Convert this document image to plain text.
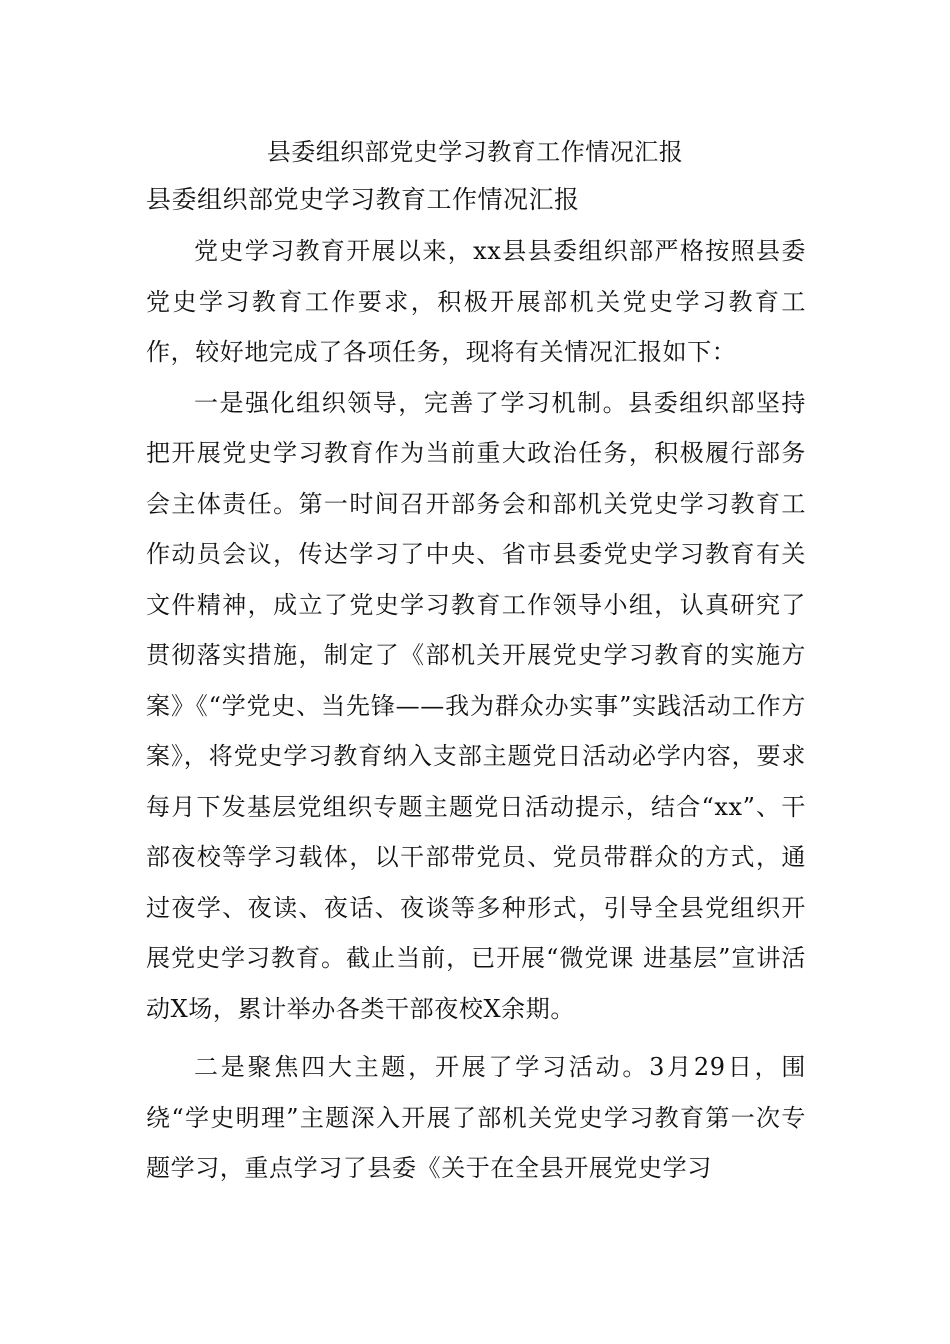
县委组织部党史学习教育工作情况汇报
县委组织部党史学习教育工作情况汇报

党史学习教育开展以来，xx县县委组织部严格按照县委党史学习教育工作要求，积极开展部机关党史学习教育工作，较好地完成了各项任务，现将有关情况汇报如下：

一是强化组织领导，完善了学习机制。县委组织部坚持把开展党史学习教育作为当前重大政治任务，积极履行部务会主体责任。第一时间召开部务会和部机关党史学习教育工作动员会议，传达学习了中央、省市县委党史学习教育有关文件精神，成立了党史学习教育工作领导小组，认真研究了贯彻落实措施，制定了《部机关开展党史学习教育的实施方案》《“学党史、当先锋——我为群众办实事”实践活动工作方案》，将党史学习教育纳入支部主题党日活动必学内容，要求每月下发基层党组织专题主题党日活动提示，结合“xx”、干部夜校等学习载体，以干部带党员、党员带群众的方式，通过夜学、夜读、夜话、夜谈等多种形式，引导全县党组织开展党史学习教育。截止当前，已开展“微党课 进基层”宣讲活动X场，累计举办各类干部夜校X余期。

二是聚焦四大主题，开展了学习活动。3月29日，围绕“学史明理”主题深入开展了部机关党史学习教育第一次专题学习，重点学习了县委《关于在全县开展党史学习
